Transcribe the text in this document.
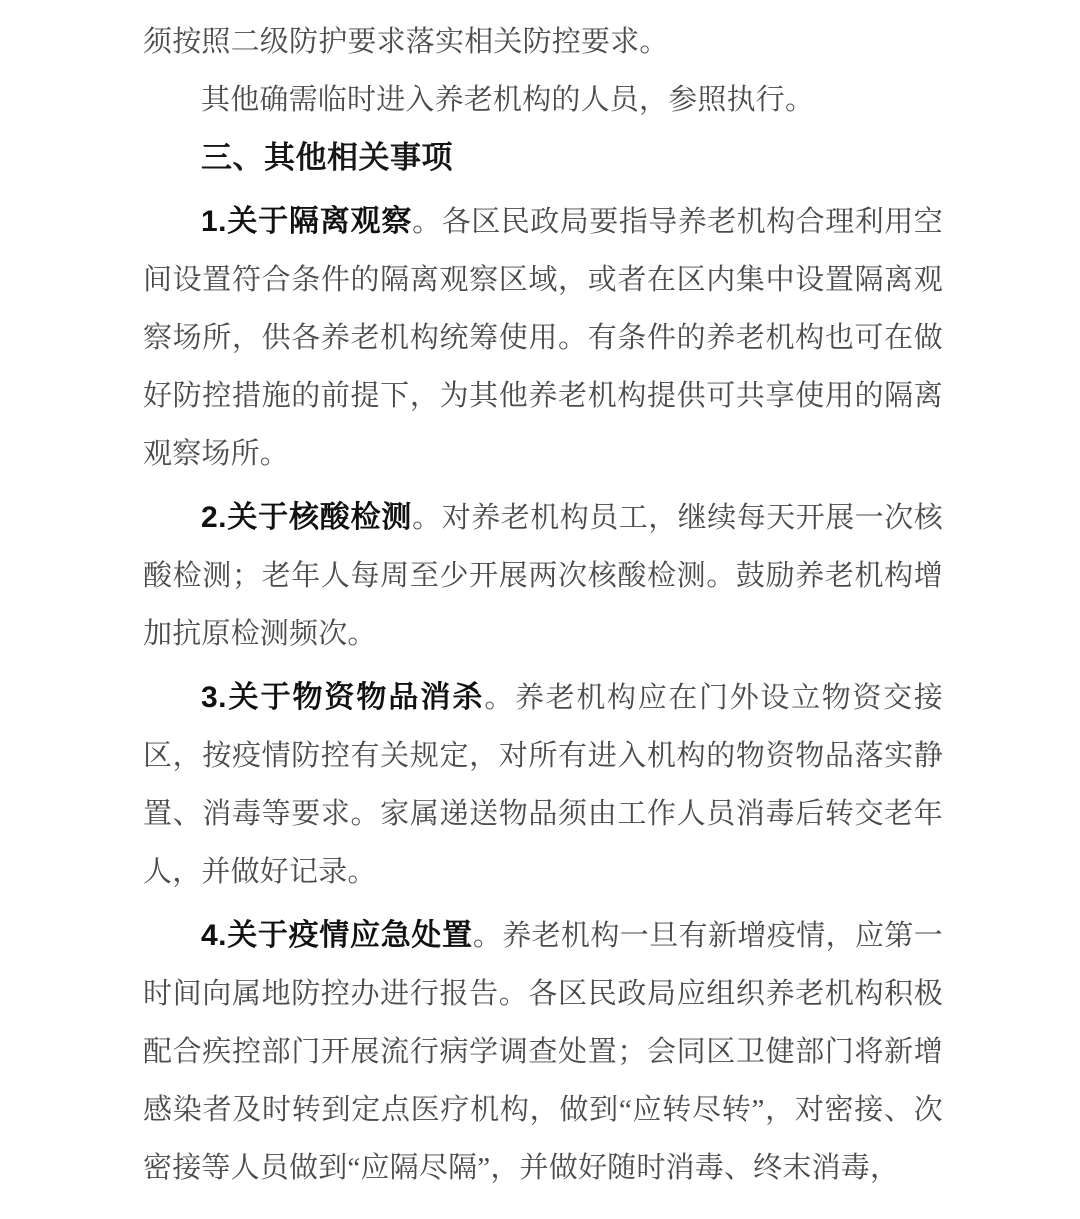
须按照二级防护要求落实相关防控要求。

其他确需临时进入养老机构的人员，参照执行。

三、其他相关事项

1.关于隔离观察。各区民政局要指导养老机构合理利用空间设置符合条件的隔离观察区域，或者在区内集中设置隔离观察场所，供各养老机构统筹使用。有条件的养老机构也可在做好防控措施的前提下，为其他养老机构提供可共享使用的隔离观察场所。

2.关于核酸检测。对养老机构员工，继续每天开展一次核酸检测；老年人每周至少开展两次核酸检测。鼓励养老机构增加抗原检测频次。

3.关于物资物品消杀。养老机构应在门外设立物资交接区，按疫情防控有关规定，对所有进入机构的物资物品落实静置、消毒等要求。家属递送物品须由工作人员消毒后转交老年人，并做好记录。

4.关于疫情应急处置。养老机构一旦有新增疫情，应第一时间向属地防控办进行报告。各区民政局应组织养老机构积极配合疾控部门开展流行病学调查处置；会同区卫健部门将新增感染者及时转到定点医疗机构，做到“应转尽转”，对密接、次密接等人员做到“应隔尽隔”，并做好随时消毒、终末消毒，
